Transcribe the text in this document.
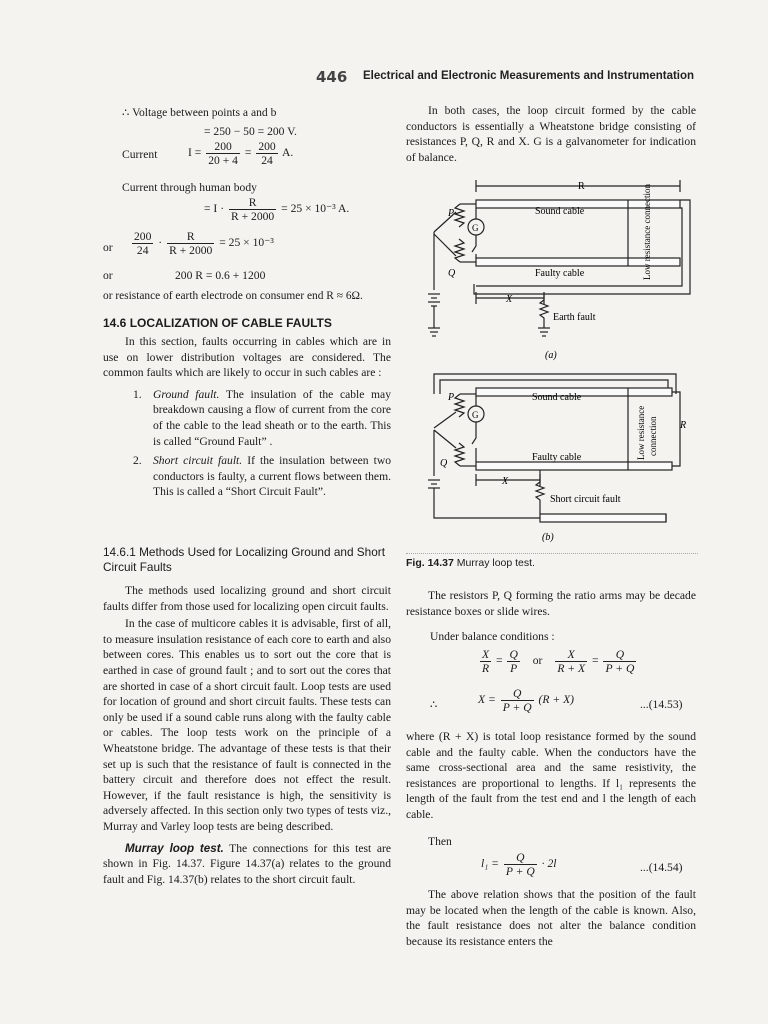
446 Electrical and Electronic Measurements and Instrumentation
∴ Voltage between points a and b
= 250 − 50 = 200 V.
Current	$I = \frac{200}{20 + 4} = \frac{200}{24} A$.
Current through human body
= $I \cdot \frac{R}{R + 2000} = 25 \times 10^{-3}$ A.
or $\frac{200}{24} \cdot \frac{R}{R + 2000} = 25 \times 10^{-3}$
or	200 R = 0.6 + 1200
or resistance of earth electrode on consumer end R ≈ 6Ω.
14.6 LOCALIZATION OF CABLE FAULTS

In this section, faults occurring in cables which are in use on lower distribution voltages are considered. The common faults which are likely to occur in such cables are :

1. Ground fault. The insulation of the cable may breakdown causing a flow of current from the core of the cable to the lead sheath or to the earth. This is called “Ground Fault” .
2. Short circuit fault. If the insulation between two conductors is faulty, a current flows between them. This is called a “Short Circuit Fault”.
14.6.1 Methods Used for Localizing Ground and Short Circuit Faults

The methods used localizing ground and short circuit faults differ from those used for localizing open circuit faults.

In the case of multicore cables it is advisable, first of all, to measure insulation resistance of each core to earth and also between cores. This enables us to sort out the core that is earthed in case of ground fault ; and to sort out the cores that are shorted in case of a short circuit fault. Loop tests are used for location of ground and short circuit faults. These tests can only be used if a sound cable runs along with the faulty cable or cables. The loop tests work on the principle of a Wheatstone bridge. The advantage of these tests is that their set up is such that the resistance of fault is connected in the battery circuit and therefore does not effect the result. However, if the fault resistance is high, the sensitivity is adversely affected. In this section only two types of tests viz., Murray and Varley loop tests are being described.

Murray loop test. The connections for this test are shown in Fig. 14.37. Figure 14.37(a) relates to the ground fault and Fig. 14.37(b) relates to the short circuit fault.

In both cases, the loop circuit formed by the cable conductors is essentially a Wheatstone bridge consisting of resistances P, Q, R and X. G is a galvanometer for indication of balance.

R
P
Q
G
Sound cable
Faulty cable	Low resistance connection
X
Earth fault
(a)
P
Q
G
Sound cable
Faulty cable	Low resistance connection R
X
Short circuit fault
(b)
Fig. 14.37 Murray loop test.

The resistors P, Q forming the ratio arms may be decade resistance boxes or slide wires.

Under balance conditions :
$\frac{X}{R} = \frac{Q}{P}$ or $\frac{X}{R + X} = \frac{Q}{P + Q}$
∴	$X = \frac{Q}{P + Q} (R + X)$	...(14.53)

where (R + X) is total loop resistance formed by the sound cable and the faulty cable. When the conductors have the same cross-sectional area and the same resistivity, the resistances are proportional to lengths. If l₁ represents the length of the fault from the test end and l the length of each cable.

Then
$l_1 = \frac{Q}{P + Q} \cdot 2l$	...(14.54)

The above relation shows that the position of the fault may be located when the length of the cable is known. Also, the fault resistance does not alter the balance condition because its resistance enters the
